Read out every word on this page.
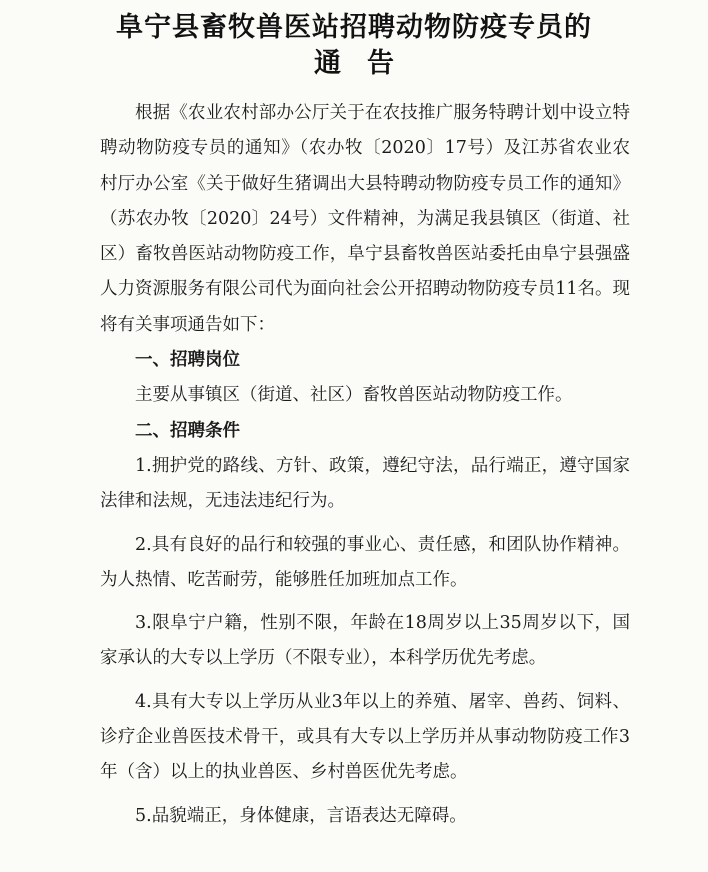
阜宁县畜牧兽医站招聘动物防疫专员的

通告

根据《农业农村部办公厅关于在农技推广服务特聘计划中设立特聘动物防疫专员的通知》（农办牧〔2020〕17号）及江苏省农业农村厅办公室《关于做好生猪调出大县特聘动物防疫专员工作的通知》（苏农办牧〔2020〕24号）文件精神，为满足我县镇区（街道、社区）畜牧兽医站动物防疫工作，阜宁县畜牧兽医站委托由阜宁县强盛人力资源服务有限公司代为面向社会公开招聘动物防疫专员11名。现将有关事项通告如下：

一、招聘岗位

主要从事镇区（街道、社区）畜牧兽医站动物防疫工作。

二、招聘条件

1.拥护党的路线、方针、政策，遵纪守法，品行端正，遵守国家法律和法规，无违法违纪行为。

2.具有良好的品行和较强的事业心、责任感，和团队协作精神。为人热情、吃苦耐劳，能够胜任加班加点工作。

3.限阜宁户籍，性别不限，年龄在18周岁以上35周岁以下，国家承认的大专以上学历（不限专业），本科学历优先考虑。

4.具有大专以上学历从业3年以上的养殖、屠宰、兽药、饲料、诊疗企业兽医技术骨干，或具有大专以上学历并从事动物防疫工作3年（含）以上的执业兽医、乡村兽医优先考虑。

5.品貌端正，身体健康，言语表达无障碍。
